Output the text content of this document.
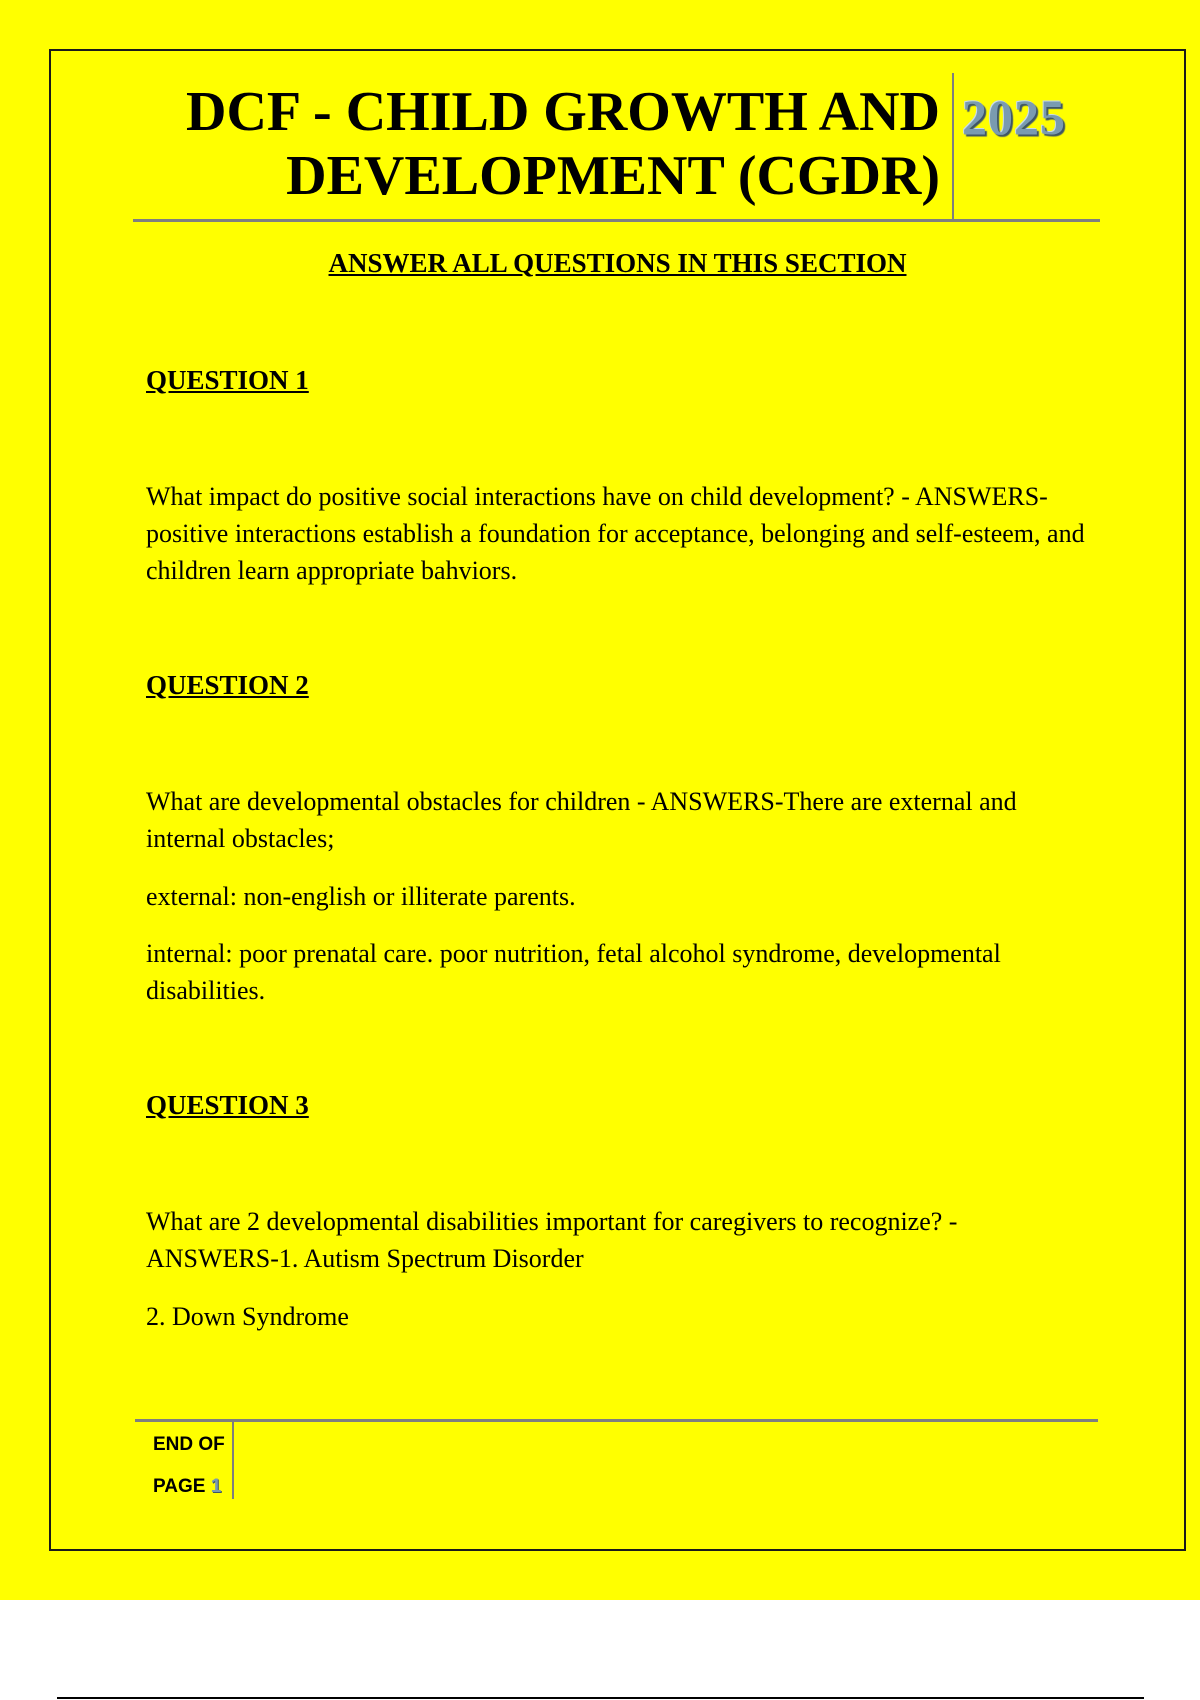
DCF - CHILD GROWTH AND
DEVELOPMENT (CGDR)
2025
ANSWER ALL QUESTIONS IN THIS SECTION
QUESTION 1

What impact do positive social interactions have on child development? - ANSWERS-positive interactions establish a foundation for acceptance, belonging and self-esteem, and children learn appropriate bahviors.

QUESTION 2

What are developmental obstacles for children - ANSWERS-There are external and internal obstacles;

external: non-english or illiterate parents.

internal: poor prenatal care. poor nutrition, fetal alcohol syndrome, developmental disabilities.

QUESTION 3

What are 2 developmental disabilities important for caregivers to recognize? - ANSWERS-1. Autism Spectrum Disorder

2. Down Syndrome

END OF
PAGE 1
